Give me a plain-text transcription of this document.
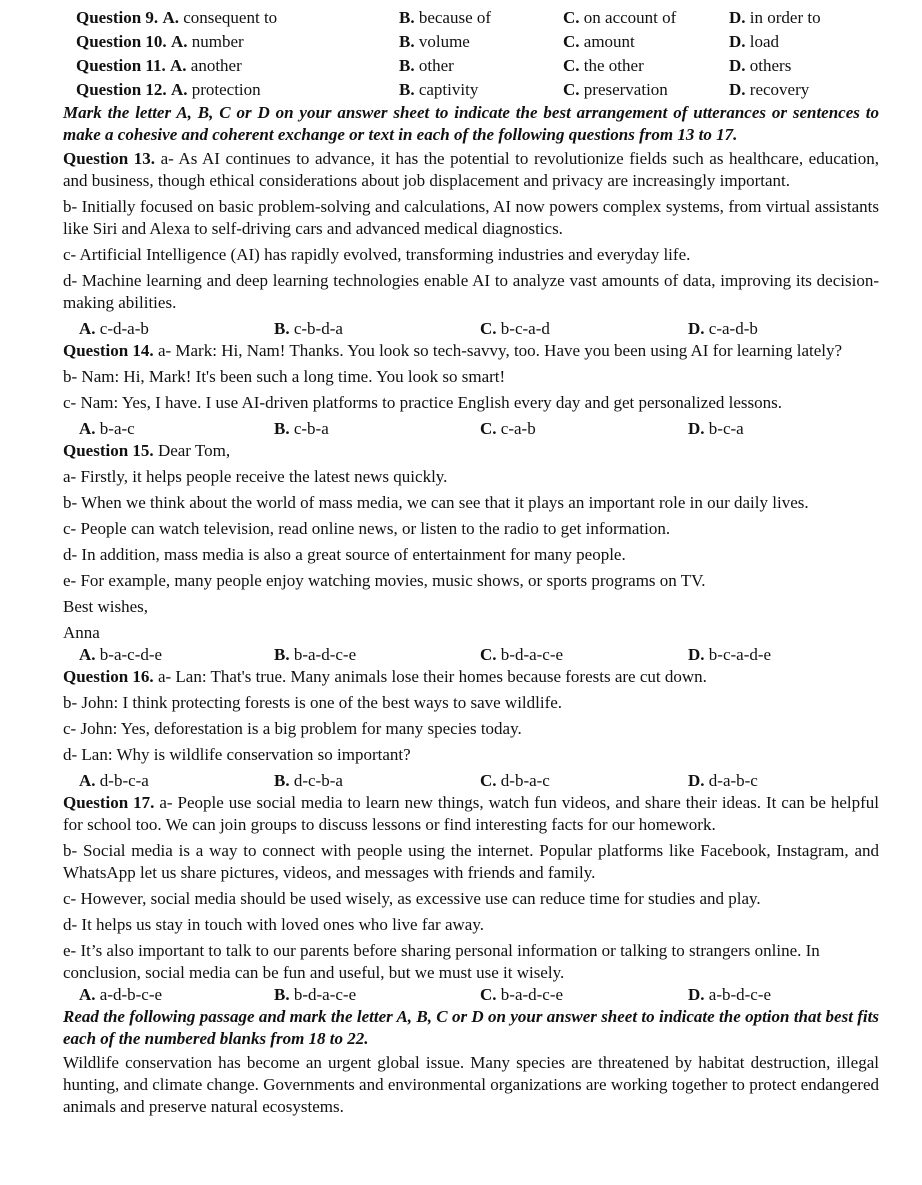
Question 9. A. consequent to	B. because of	C. on account of	D. in order to
Question 10. A. number	B. volume	C. amount	D. load
Question 11. A. another	B. other	C. the other	D. others
Question 12. A. protection	B. captivity	C. preservation	D. recovery

Mark the letter A, B, C or D on your answer sheet to indicate the best arrangement of utterances or sentences to make a cohesive and coherent exchange or text in each of the following questions from 13 to 17.

Question 13. a- As AI continues to advance, it has the potential to revolutionize fields such as healthcare, education, and business, though ethical considerations about job displacement and privacy are increasingly important.

b- Initially focused on basic problem-solving and calculations, AI now powers complex systems, from virtual assistants like Siri and Alexa to self-driving cars and advanced medical diagnostics.

c- Artificial Intelligence (AI) has rapidly evolved, transforming industries and everyday life.

d- Machine learning and deep learning technologies enable AI to analyze vast amounts of data, improving its decision-making abilities.

A. c-d-a-b	B. c-b-d-a	C. b-c-a-d	D. c-a-d-b

Question 14. a- Mark: Hi, Nam! Thanks. You look so tech-savvy, too. Have you been using AI for learning lately?

b- Nam: Hi, Mark! It's been such a long time. You look so smart!

c- Nam: Yes, I have. I use AI-driven platforms to practice English every day and get personalized lessons.

A. b-a-c	B. c-b-a	C. c-a-b	D. b-c-a

Question 15. Dear Tom,

a- Firstly, it helps people receive the latest news quickly.

b- When we think about the world of mass media, we can see that it plays an important role in our daily lives.

c- People can watch television, read online news, or listen to the radio to get information.

d- In addition, mass media is also a great source of entertainment for many people.

e- For example, many people enjoy watching movies, music shows, or sports programs on TV.

Best wishes,

Anna

A. b-a-c-d-e	B. b-a-d-c-e	C. b-d-a-c-e	D. b-c-a-d-e

Question 16. a- Lan: That's true. Many animals lose their homes because forests are cut down.

b- John: I think protecting forests is one of the best ways to save wildlife.

c- John: Yes, deforestation is a big problem for many species today.

d- Lan: Why is wildlife conservation so important?

A. d-b-c-a	B. d-c-b-a	C. d-b-a-c	D. d-a-b-c

Question 17. a- People use social media to learn new things, watch fun videos, and share their ideas. It can be helpful for school too. We can join groups to discuss lessons or find interesting facts for our homework.

b- Social media is a way to connect with people using the internet. Popular platforms like Facebook, Instagram, and WhatsApp let us share pictures, videos, and messages with friends and family.

c- However, social media should be used wisely, as excessive use can reduce time for studies and play.

d- It helps us stay in touch with loved ones who live far away.

e- It’s also important to talk to our parents before sharing personal information or talking to strangers online. In conclusion, social media can be fun and useful, but we must use it wisely.

A. a-d-b-c-e	B. b-d-a-c-e	C. b-a-d-c-e	D. a-b-d-c-e

Read the following passage and mark the letter A, B, C or D on your answer sheet to indicate the option that best fits each of the numbered blanks from 18 to 22.

Wildlife conservation has become an urgent global issue. Many species are threatened by habitat destruction, illegal hunting, and climate change. Governments and environmental organizations are working together to protect endangered animals and preserve natural ecosystems.
